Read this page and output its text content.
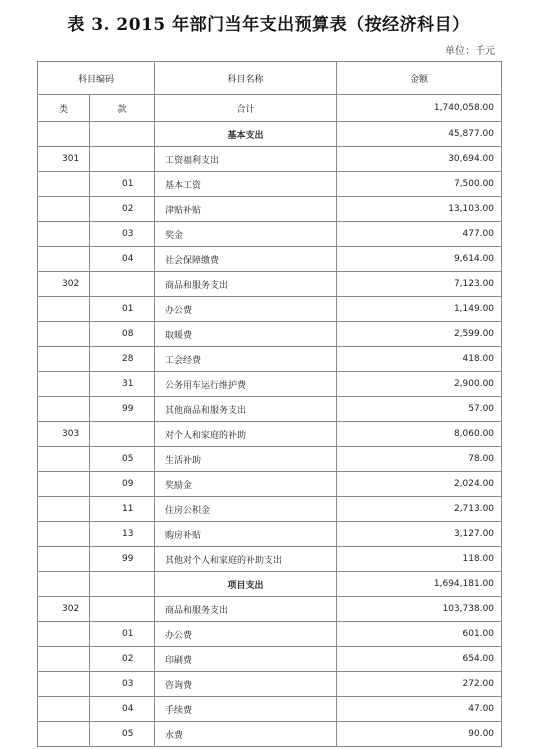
表 3. 2015 年部门当年支出预算表（按经济科目）
单位：千元
科目编码		科目名称	金额
类	款	合计	1,740,058.00
		基本支出	45,877.00
301		工资福利支出	30,694.00
	01	基本工资	7,500.00
	02	津贴补贴	13,103.00
	03	奖金	477.00
	04	社会保障缴费	9,614.00
302		商品和服务支出	7,123.00
	01	办公费	1,149.00
	08	取暖费	2,599.00
	28	工会经费	418.00
	31	公务用车运行维护费	2,900.00
	99	其他商品和服务支出	57.00
303		对个人和家庭的补助	8,060.00
	05	生活补助	78.00
	09	奖励金	2,024.00
	11	住房公积金	2,713.00
	13	购房补贴	3,127.00
	99	其他对个人和家庭的补助支出	118.00
		项目支出	1,694,181.00
302		商品和服务支出	103,738.00
	01	办公费	601.00
	02	印刷费	654.00
	03	咨询费	272.00
	04	手续费	47.00
	05	水费	90.00
